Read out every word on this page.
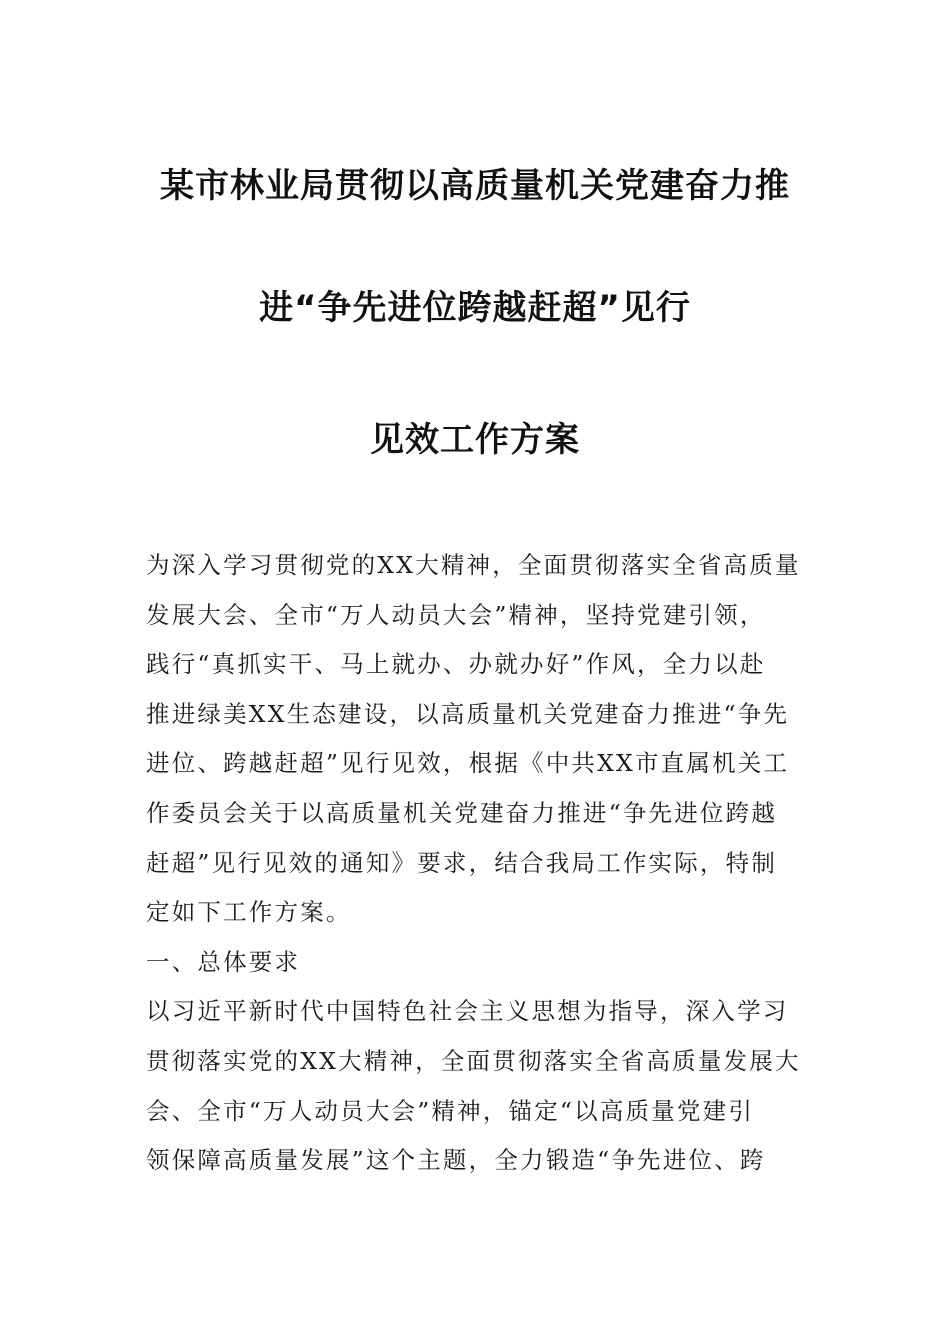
某市林业局贯彻以高质量机关党建奋力推
进“争先进位跨越赶超”见行
见效工作方案
为深入学习贯彻党的XX大精神，全面贯彻落实全省高质量
发展大会、全市“万人动员大会”精神，坚持党建引领，
践行“真抓实干、马上就办、办就办好”作风，全力以赴
推进绿美XX生态建设，以高质量机关党建奋力推进“争先
进位、跨越赶超”见行见效，根据《中共XX市直属机关工
作委员会关于以高质量机关党建奋力推进“争先进位跨越
赶超”见行见效的通知》要求，结合我局工作实际，特制
定如下工作方案。
一、总体要求
以习近平新时代中国特色社会主义思想为指导，深入学习
贯彻落实党的XX大精神，全面贯彻落实全省高质量发展大
会、全市“万人动员大会”精神，锚定“以高质量党建引
领保障高质量发展”这个主题，全力锻造“争先进位、跨
